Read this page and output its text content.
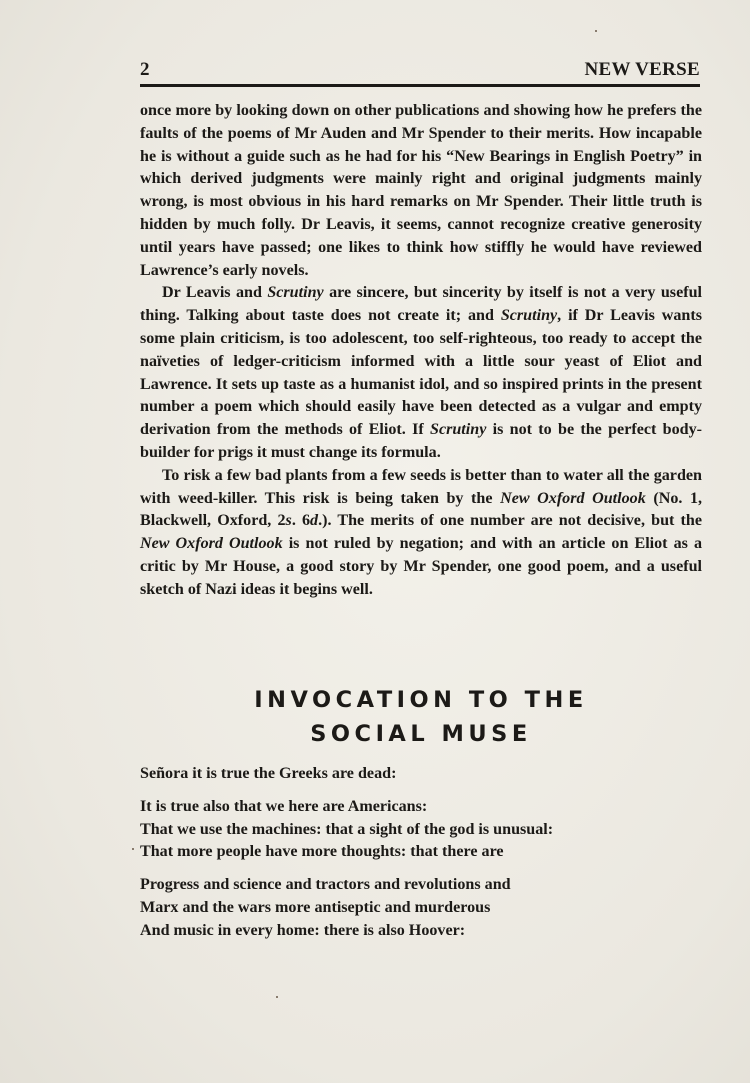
2	NEW VERSE

once more by looking down on other publications and showing how he prefers the faults of the poems of Mr Auden and Mr Spender to their merits. How incapable he is without a guide such as he had for his “New Bearings in English Poetry” in which derived judgments were mainly right and original judgments mainly wrong, is most obvious in his hard remarks on Mr Spender. Their little truth is hidden by much folly. Dr Leavis, it seems, cannot recognize creative generosity until years have passed; one likes to think how stiffly he would have reviewed Lawrence’s early novels.

Dr Leavis and Scrutiny are sincere, but sincerity by itself is not a very useful thing. Talking about taste does not create it; and Scrutiny, if Dr Leavis wants some plain criticism, is too adolescent, too self-righteous, too ready to accept the naïveties of ledger-criticism informed with a little sour yeast of Eliot and Lawrence. It sets up taste as a humanist idol, and so inspired prints in the present number a poem which should easily have been detected as a vulgar and empty derivation from the methods of Eliot. If Scrutiny is not to be the perfect body-builder for prigs it must change its formula.

To risk a few bad plants from a few seeds is better than to water all the garden with weed-killer. This risk is being taken by the New Oxford Outlook (No. 1, Blackwell, Oxford, 2s. 6d.). The merits of one number are not decisive, but the New Oxford Outlook is not ruled by negation; and with an article on Eliot as a critic by Mr House, a good story by Mr Spender, one good poem, and a useful sketch of Nazi ideas it begins well.

INVOCATION TO THE
SOCIAL MUSE
Señora it is true the Greeks are dead:
It is true also that we here are Americans:
That we use the machines: that a sight of the god is unusual:
That more people have more thoughts: that there are
Progress and science and tractors and revolutions and
Marx and the wars more antiseptic and murderous
And music in every home: there is also Hoover:
